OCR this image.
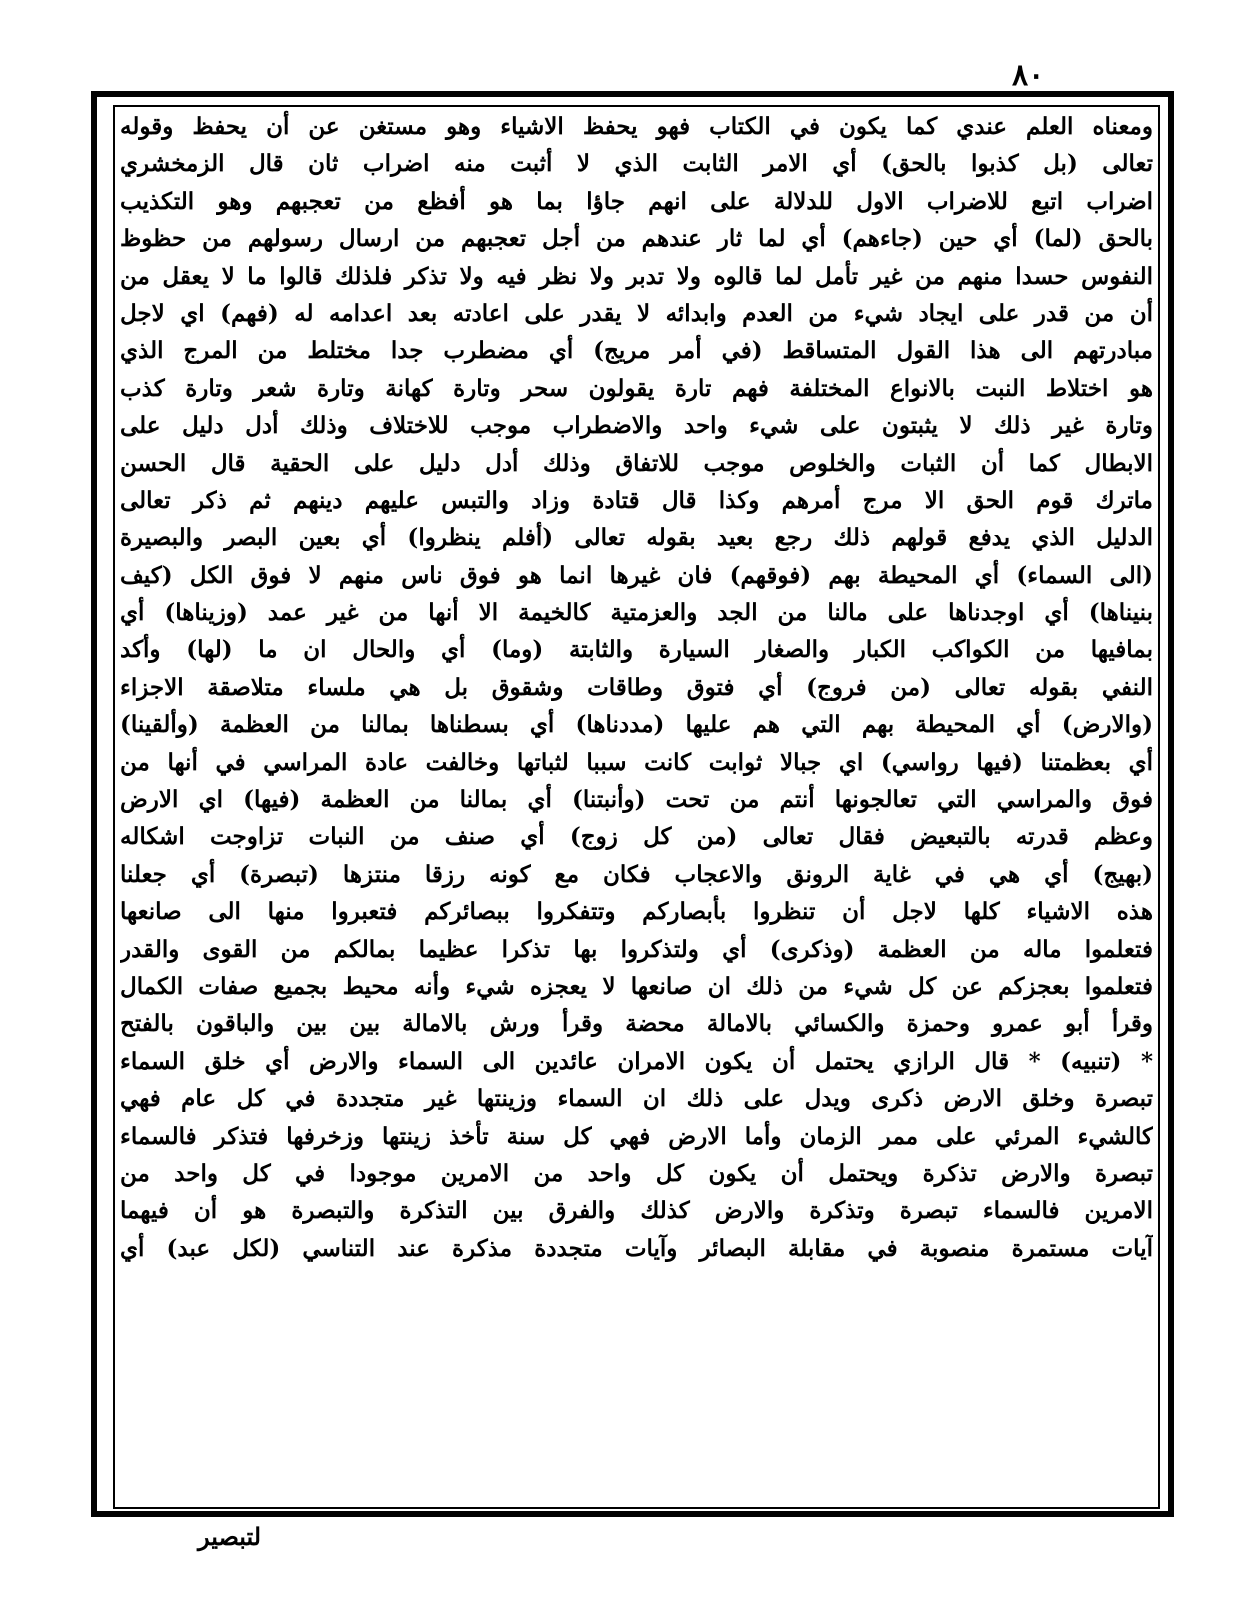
٨٠
ومعناه العلم عندي كما يكون في الكتاب فهو يحفظ الاشياء وهو مستغن عن أن يحفظ وقوله
تعالى (بل كذبوا بالحق) أي الامر الثابت الذي لا أثبت منه اضراب ثان قال الزمخشري
اضراب اتبع للاضراب الاول للدلالة على انهم جاؤا بما هو أفظع من تعجبهم وهو التكذيب
بالحق (لما) أي حين (جاءهم) أي لما ثار عندهم من أجل تعجبهم من ارسال رسولهم من حظوظ
النفوس حسدا منهم من غير تأمل لما قالوه ولا تدبر ولا نظر فيه ولا تذكر فلذلك قالوا ما لا يعقل من
أن من قدر على ايجاد شيء من العدم وابدائه لا يقدر على اعادته بعد اعدامه له (فهم) اي لاجل
مبادرتهم الى هذا القول المتساقط (في أمر مريج) أي مضطرب جدا مختلط من المرج الذي
هو اختلاط النبت بالانواع المختلفة فهم تارة يقولون سحر وتارة كهانة وتارة شعر وتارة كذب
وتارة غير ذلك لا يثبتون على شيء واحد والاضطراب موجب للاختلاف وذلك أدل دليل على
الابطال كما أن الثبات والخلوص موجب للاتفاق وذلك أدل دليل على الحقية قال الحسن
ماترك قوم الحق الا مرج أمرهم وكذا قال قتادة وزاد والتبس عليهم دينهم ثم ذكر تعالى
الدليل الذي يدفع قولهم ذلك رجع بعيد بقوله تعالى (أفلم ينظروا) أي بعين البصر والبصيرة
(الى السماء) أي المحيطة بهم (فوقهم) فان غيرها انما هو فوق ناس منهم لا فوق الكل (كيف
بنيناها) أي اوجدناها على مالنا من الجد والعزمتية كالخيمة الا أنها من غير عمد (وزيناها) أي
بمافيها من الكواكب الكبار والصغار السيارة والثابتة (وما) أي والحال ان ما (لها) وأكد
النفي بقوله تعالى (من فروج) أي فتوق وطاقات وشقوق بل هي ملساء متلاصقة الاجزاء
(والارض) أي المحيطة بهم التي هم عليها (مددناها) أي بسطناها بمالنا من العظمة (وألقينا)
أي بعظمتنا (فيها رواسي) اي جبالا ثوابت كانت سببا لثباتها وخالفت عادة المراسي في أنها من
فوق والمراسي التي تعالجونها أنتم من تحت (وأنبتنا) أي بمالنا من العظمة (فيها) اي الارض
وعظم قدرته بالتبعيض فقال تعالى (من كل زوج) أي صنف من النبات تزاوجت اشكاله
(بهيج) أي هي في غاية الرونق والاعجاب فكان مع كونه رزقا منتزها (تبصرة) أي جعلنا
هذه الاشياء كلها لاجل أن تنظروا بأبصاركم وتتفكروا ببصائركم فتعبروا منها الى صانعها
فتعلموا ماله من العظمة (وذكرى) أي ولتذكروا بها تذكرا عظيما بمالكم من القوى والقدر
فتعلموا بعجزكم عن كل شيء من ذلك ان صانعها لا يعجزه شيء وأنه محيط بجميع صفات الكمال
وقرأ أبو عمرو وحمزة والكسائي بالامالة محضة وقرأ ورش بالامالة بين بين والباقون بالفتح
* (تنبيه) * قال الرازي يحتمل أن يكون الامران عائدين الى السماء والارض أي خلق السماء
تبصرة وخلق الارض ذكرى ويدل على ذلك ان السماء وزينتها غير متجددة في كل عام فهي
كالشيء المرئي على ممر الزمان وأما الارض فهي كل سنة تأخذ زينتها وزخرفها فتذكر فالسماء
تبصرة والارض تذكرة ويحتمل أن يكون كل واحد من الامرين موجودا في كل واحد من
الامرين فالسماء تبصرة وتذكرة والارض كذلك والفرق بين التذكرة والتبصرة هو أن فيهما
آيات مستمرة منصوبة في مقابلة البصائر وآيات متجددة مذكرة عند التناسي (لكل عبد) أي
لتبصير
